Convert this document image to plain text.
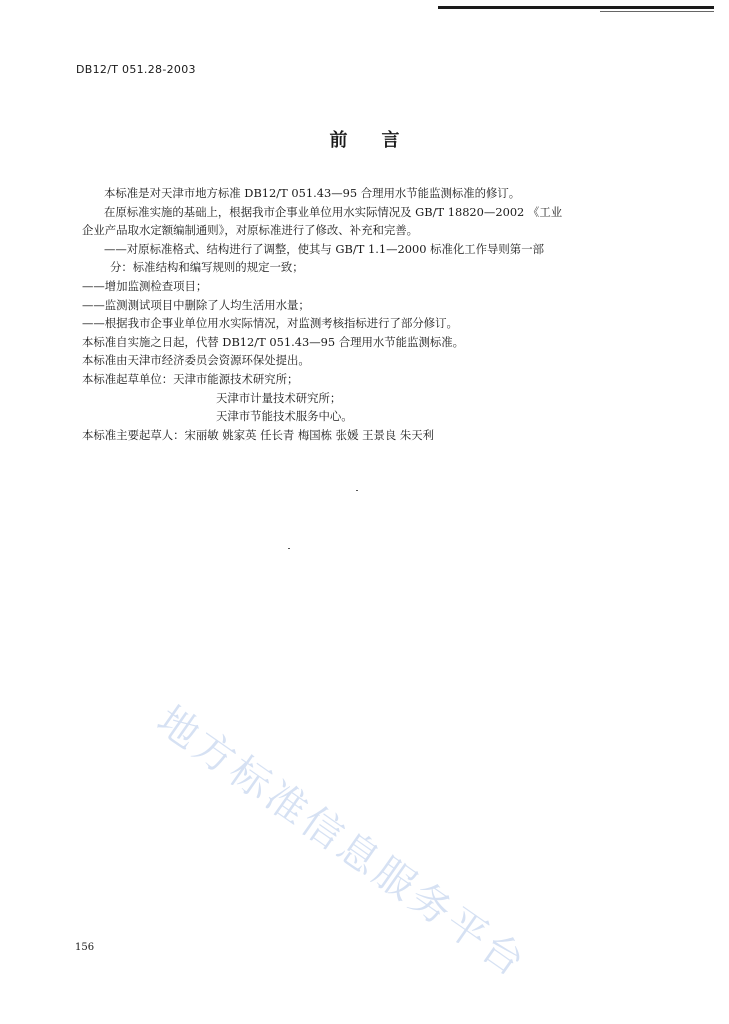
DB12/T 051.28-2003
前言
本标准是对天津市地方标准 DB12/T 051.43—95 合理用水节能监测标准的修订。
在原标准实施的基础上，根据我市企事业单位用水实际情况及 GB/T 18820—2002 《工业
企业产品取水定额编制通则》，对原标准进行了修改、补充和完善。
——对原标准格式、结构进行了调整，使其与 GB/T 1.1—2000 标准化工作导则第一部
分：标准结构和编写规则的规定一致；
——增加监测检查项目；
——监测测试项目中删除了人均生活用水量；
——根据我市企事业单位用水实际情况，对监测考核指标进行了部分修订。
本标准自实施之日起，代替 DB12/T 051.43—95 合理用水节能监测标准。
本标准由天津市经济委员会资源环保处提出。
本标准起草单位：天津市能源技术研究所；
天津市计量技术研究所；
天津市节能技术服务中心。
本标准主要起草人：宋丽敏 姚家英 任长青 梅国栋 张媛 王景良 朱天利
地方标准信息服务平台
156
